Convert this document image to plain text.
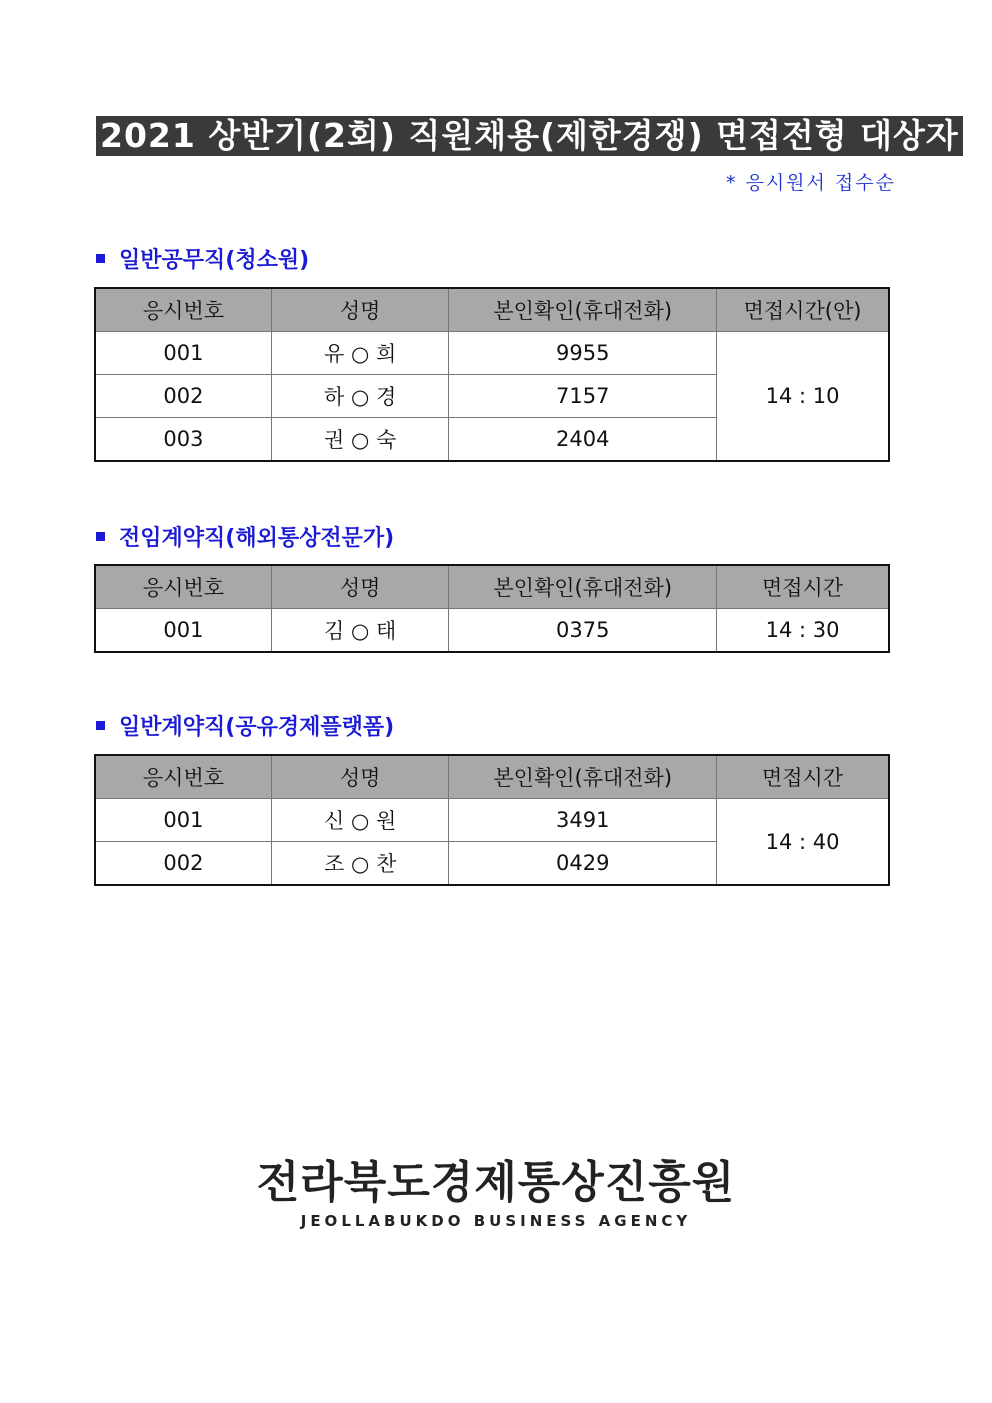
2021 상반기(2회) 직원채용(제한경쟁) 면접전형 대상자
* 응시원서 접수순
일반공무직(청소원)
응시번호	성명	본인확인(휴대전화)	면접시간(안)
001	유 ○ 희	9955	14 : 10
002	하 ○ 경	7157	
003	권 ○ 숙	2404	
전임계약직(해외통상전문가)
응시번호	성명	본인확인(휴대전화)	면접시간
001	김 ○ 태	0375	14 : 30
일반계약직(공유경제플랫폼)
응시번호	성명	본인확인(휴대전화)	면접시간
001	신 ○ 원	3491	14 : 40
002	조 ○ 찬	0429	
전라북도경제통상진흥원
JEOLLABUKDO BUSINESS AGENCY
